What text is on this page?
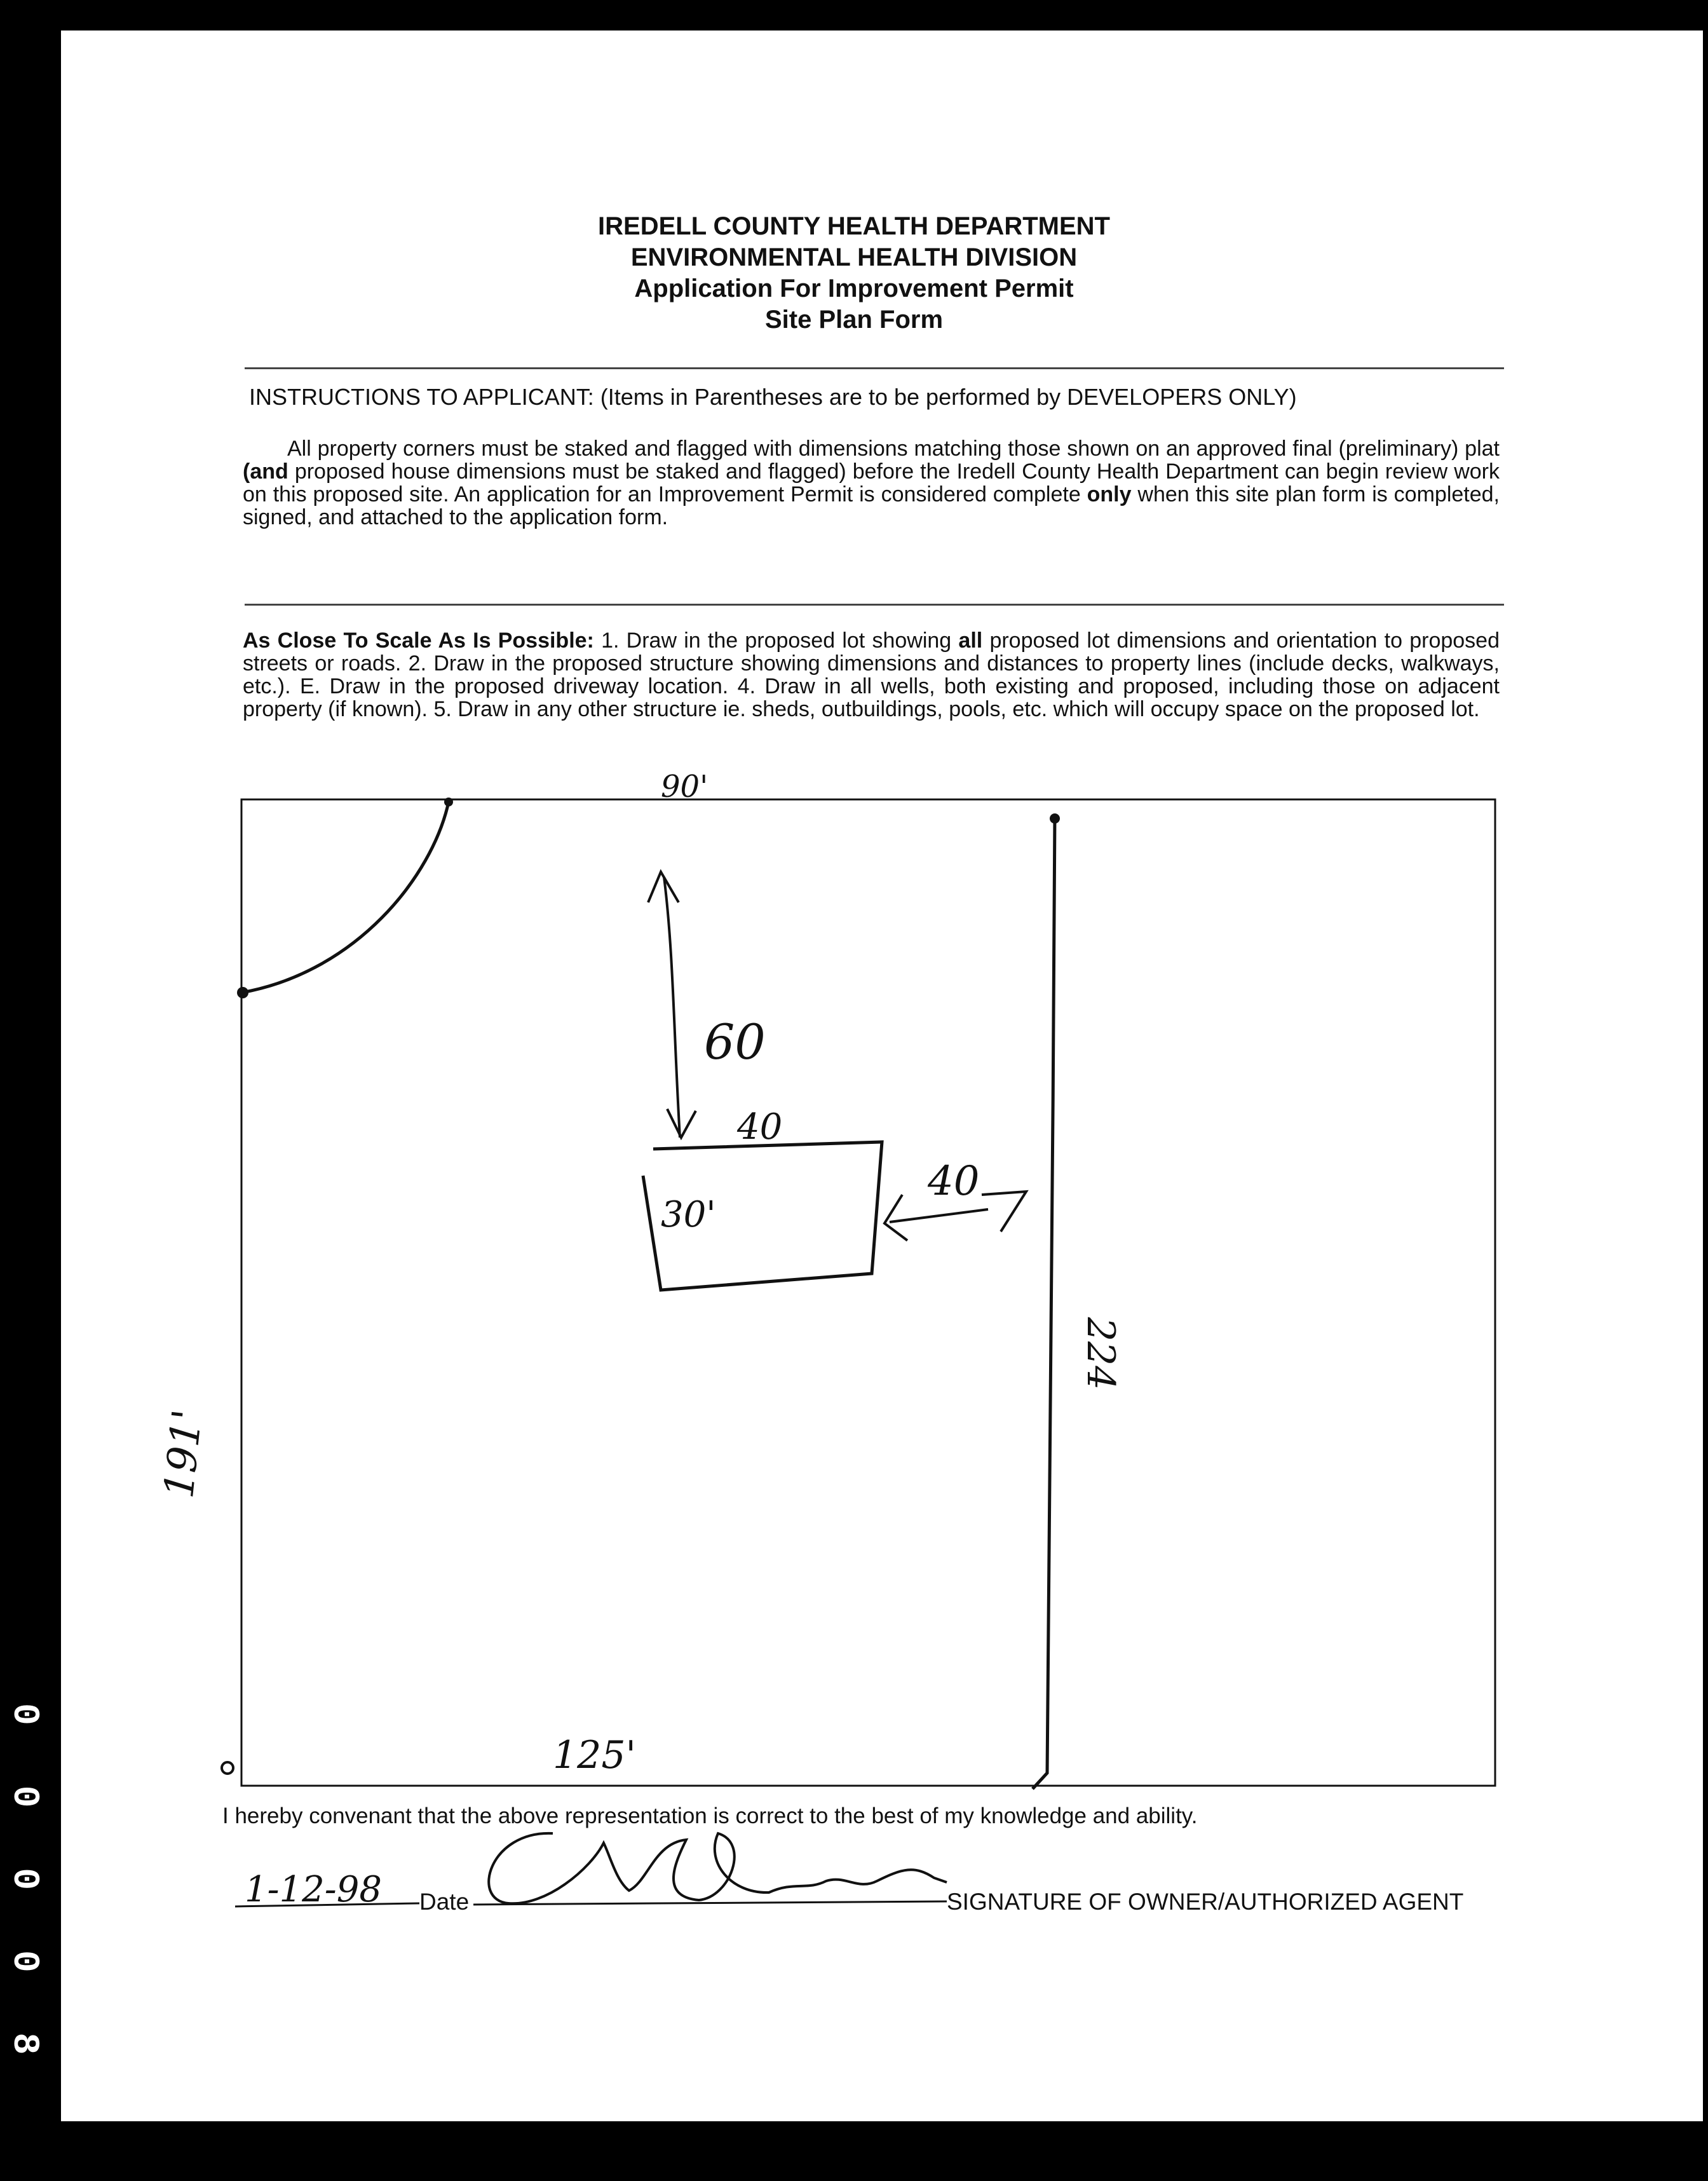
0 0 0 0 8
IREDELL COUNTY HEALTH DEPARTMENT
ENVIRONMENTAL HEALTH DIVISION
Application For Improvement Permit
Site Plan Form
INSTRUCTIONS TO APPLICANT: (Items in Parentheses are to be performed by DEVELOPERS ONLY)
All property corners must be staked and flagged with dimensions matching those shown on an approved final (preliminary) plat (and proposed house dimensions must be staked and flagged) before the Iredell County Health Department can begin review work on this proposed site. An application for an Improvement Permit is considered complete only when this site plan form is completed, signed, and attached to the application form.
As Close To Scale As Is Possible: 1. Draw in the proposed lot showing all proposed lot dimensions and orientation to proposed streets or roads. 2. Draw in the proposed structure showing dimensions and distances to property lines (include decks, walkways, etc.). E. Draw in the proposed driveway location. 4. Draw in all wells, both existing and proposed, including those on adjacent property (if known). 5. Draw in any other structure ie. sheds, outbuildings, pools, etc. which will occupy space on the proposed lot.
90'
60
40
30'
40
191'
224
125'
1-12-98
I hereby convenant that the above representation is correct to the best of my knowledge and ability.
Date	SIGNATURE OF OWNER/AUTHORIZED AGENT
